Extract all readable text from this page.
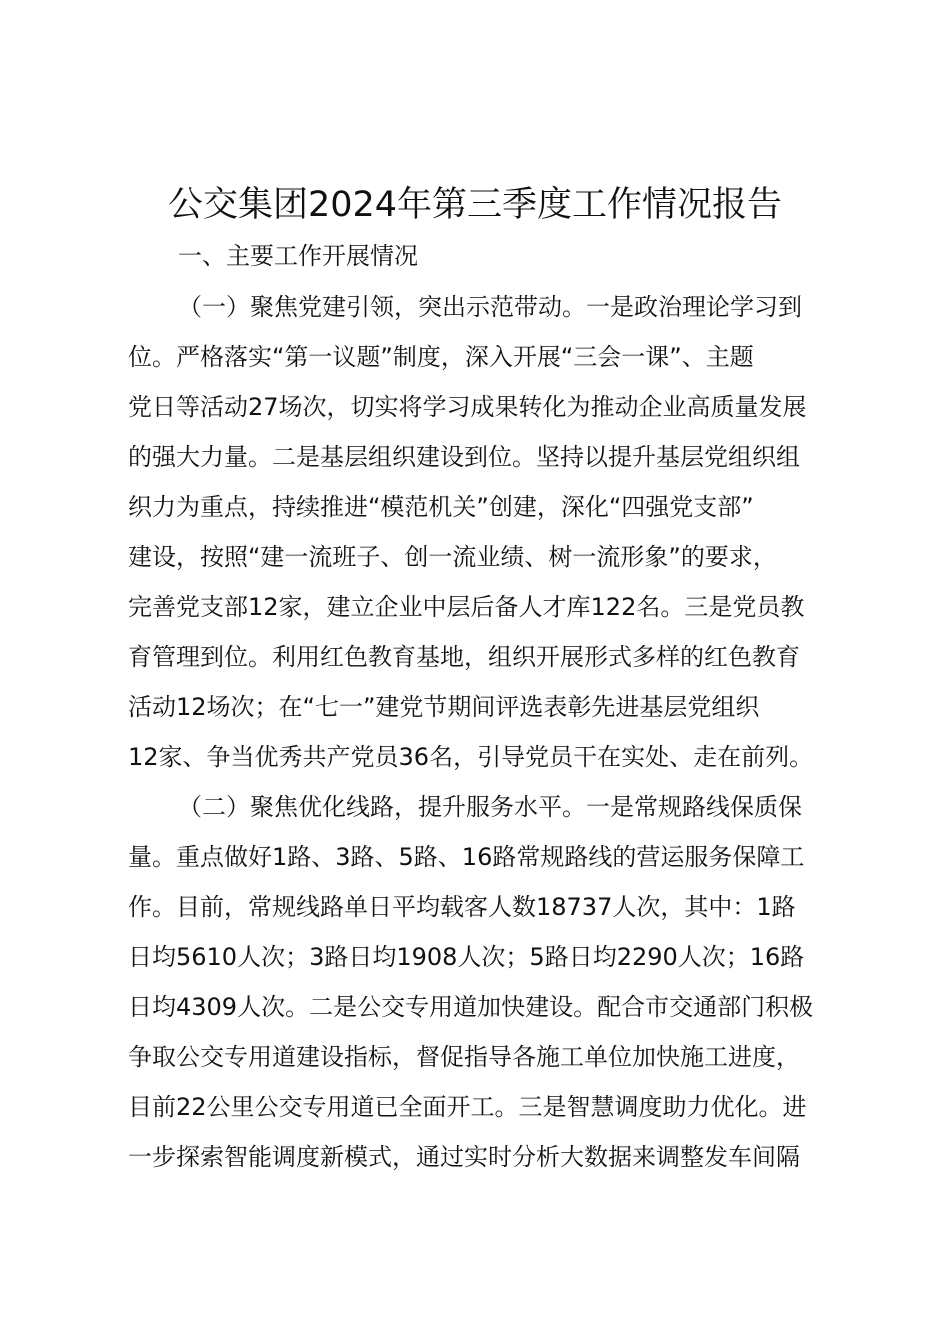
公交集团2024年第三季度工作情况报告
一、主要工作开展情况
（一）聚焦党建引领，突出示范带动。一是政治理论学习到
位。严格落实“第一议题”制度，深入开展“三会一课”、主题
党日等活动27场次，切实将学习成果转化为推动企业高质量发展
的强大力量。二是基层组织建设到位。坚持以提升基层党组织组
织力为重点，持续推进“模范机关”创建，深化“四强党支部”
建设，按照“建一流班子、创一流业绩、树一流形象”的要求，
完善党支部12家，建立企业中层后备人才库122名。三是党员教
育管理到位。利用红色教育基地，组织开展形式多样的红色教育
活动12场次；在“七一”建党节期间评选表彰先进基层党组织
12家、争当优秀共产党员36名，引导党员干在实处、走在前列。
（二）聚焦优化线路，提升服务水平。一是常规路线保质保
量。重点做好1路、3路、5路、16路常规路线的营运服务保障工
作。目前，常规线路单日平均载客人数18737人次，其中：1路
日均5610人次；3路日均1908人次；5路日均2290人次；16路
日均4309人次。二是公交专用道加快建设。配合市交通部门积极
争取公交专用道建设指标，督促指导各施工单位加快施工进度，
目前22公里公交专用道已全面开工。三是智慧调度助力优化。进
一步探索智能调度新模式，通过实时分析大数据来调整发车间隔
